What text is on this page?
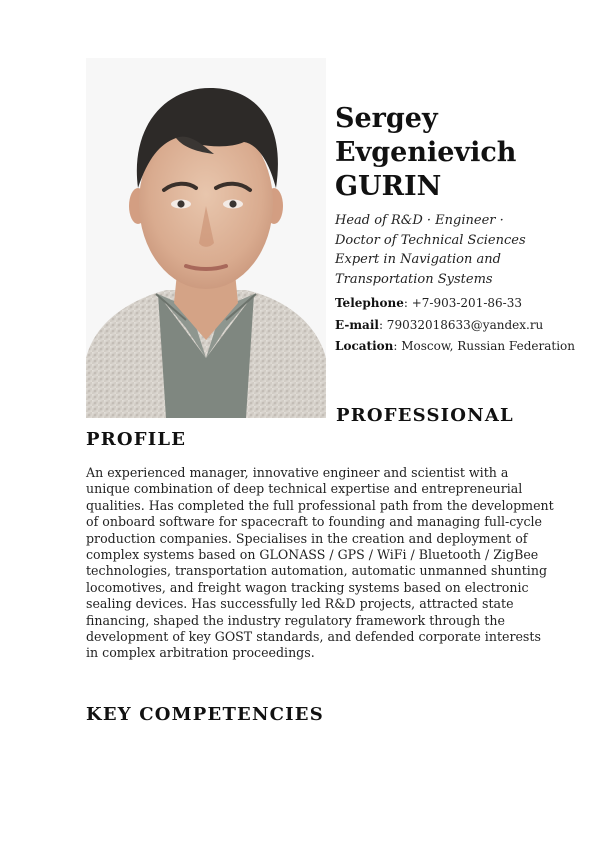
Sergey
Evgenievich
GURIN
Head of R&D · Engineer ·
Doctor of Technical Sciences
Expert in Navigation and
Transportation Systems
Telephone: +7-903-201-86-33
E-mail: 79032018633@yandex.ru
Location: Moscow, Russian Federation
PROFESSIONAL
PROFILE
An experienced manager, innovative engineer and scientist with a unique combination of deep technical expertise and entrepreneurial qualities. Has completed the full professional path from the development of onboard software for spacecraft to founding and managing full-cycle production companies. Specialises in the creation and deployment of complex systems based on GLONASS / GPS / WiFi / Bluetooth / ZigBee technologies, transportation automation, automatic unmanned shunting locomotives, and freight wagon tracking systems based on electronic sealing devices. Has successfully led R&D projects, attracted state financing, shaped the industry regulatory framework through the development of key GOST standards, and defended corporate interests in complex arbitration proceedings.
KEY COMPETENCIES
